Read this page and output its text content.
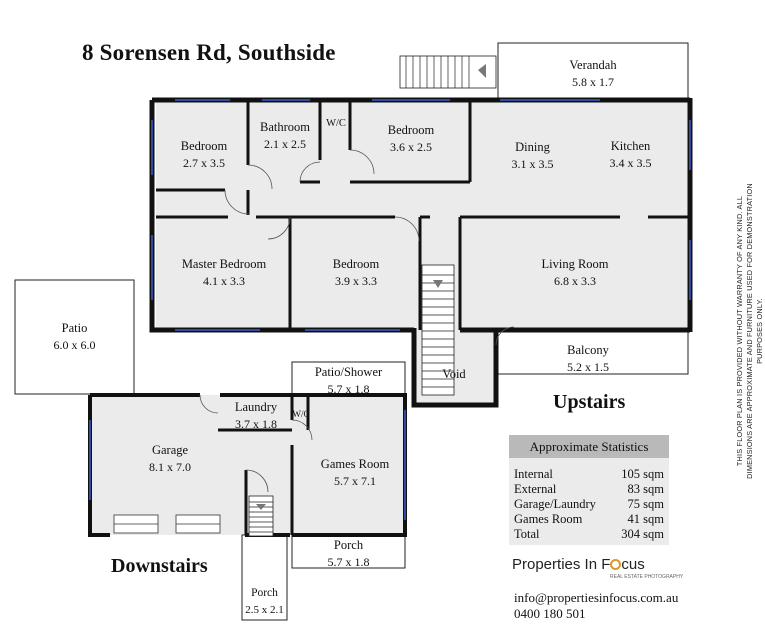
8 Sorensen Rd, Southside	Verandah
5.8 x 1.7
Bedroom
2.7 x 3.5
Bathroom
2.1 x 2.5
W/C	Bedroom
3.6 x 2.5	Dining
3.1 x 3.5
Kitchen
3.4 x 3.5
Master Bedroom
4.1 x 3.3
Bedroom
3.9 x 3.3
Living Room
6.8 x 3.3
Void
Balcony
5.2 x 1.5
Patio
6.0 x 6.0
Patio/Shower
5.7 x 1.8
Laundry
3.7 x 1.8
W/C
Garage
8.1 x 7.0	Games Room
5.7 x 7.1
Porch
5.7 x 1.8
Porch
2.5 x 2.1
Upstairs
Downstairs
Approximate Statistics
Internal	105 sqm
External	83 sqm
Garage/Laundry	75 sqm
Games Room	41 sqm
Total	304 sqm
Properties In F cus
REAL ESTATE PHOTOGRAPHY
info@propertiesinfocus.com.au
0400 180 501
THIS FLOOR PLAN IS PROVIDED WITHOUT WARRANTY OF ANY KIND. ALL DIMENSIONS ARE APPROXIMATE AND FURNITURE USED FOR DEMONSTRATION PURPOSES ONLY.
